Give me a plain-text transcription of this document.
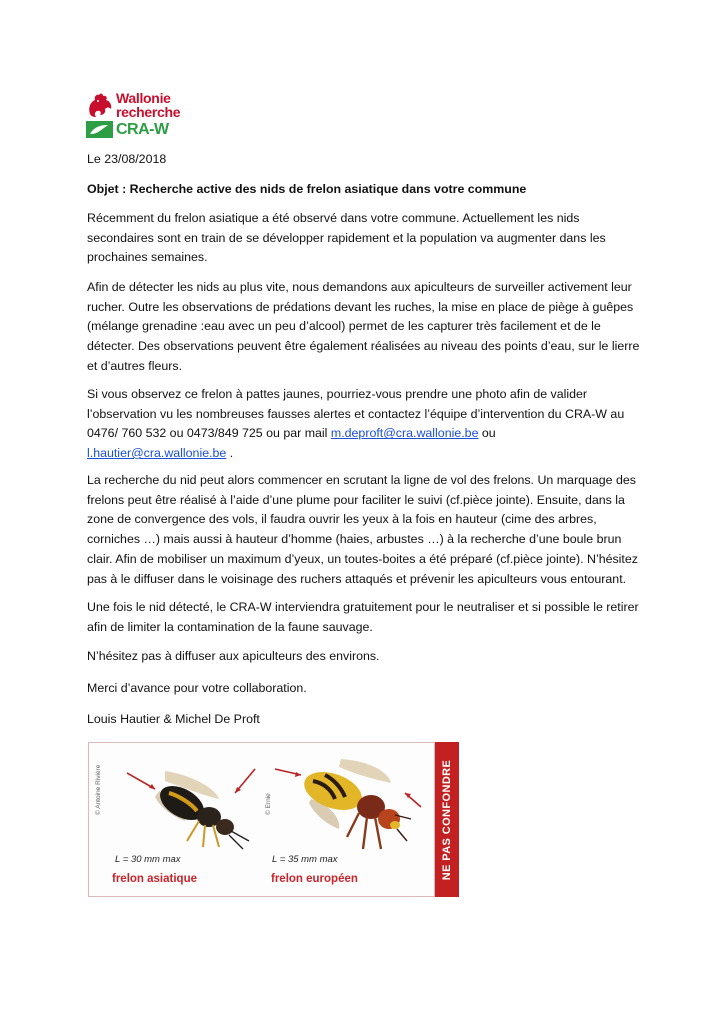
Wallonie
recherche
CRA-W

Le 23/08/2018

Objet : Recherche active des nids de frelon asiatique dans votre commune

Récemment du frelon asiatique a été observé dans votre commune. Actuellement les nids secondaires sont en train de se développer rapidement et la population va augmenter dans les prochaines semaines.

Afin de détecter les nids au plus vite, nous demandons aux apiculteurs de surveiller activement leur rucher. Outre les observations de prédations devant les ruches, la mise en place de piège à guêpes (mélange grenadine :eau avec un peu d’alcool) permet de les capturer très facilement et de le détecter. Des observations peuvent être également réalisées au niveau des points d’eau, sur le lierre et d’autres fleurs.

Si vous observez ce frelon à pattes jaunes, pourriez-vous prendre une photo afin de valider l’observation vu les nombreuses fausses alertes et contactez l’équipe d’intervention du CRA-W au 0476/ 760 532 ou 0473/849 725 ou par mail m.deproft@cra.wallonie.be ou
l.hautier@cra.wallonie.be .

La recherche du nid peut alors commencer en scrutant la ligne de vol des frelons. Un marquage des frelons peut être réalisé à l’aide d’une plume pour faciliter le suivi (cf.pièce jointe). Ensuite, dans la zone de convergence des vols, il faudra ouvrir les yeux à la fois en hauteur (cime des arbres, corniches …) mais aussi à hauteur d’homme (haies, arbustes …) à la recherche d’une boule brun clair. Afin de mobiliser un maximum d’yeux, un toutes-boites a été préparé (cf.pièce jointe). N’hésitez pas à le diffuser dans le voisinage des ruchers attaqués et prévenir les apiculteurs vous entourant.

Une fois le nid détecté, le CRA-W interviendra gratuitement pour le neutraliser et si possible le retirer afin de limiter la contamination de la faune sauvage.

N’hésitez pas à diffuser aux apiculteurs des environs.

Merci d’avance pour votre collaboration.

Louis Hautier & Michel De Proft

© Antoine Rivière
L = 30 mm max
frelon asiatique
© Ernie
L = 35 mm max
frelon européen	NE PAS CONFONDRE
